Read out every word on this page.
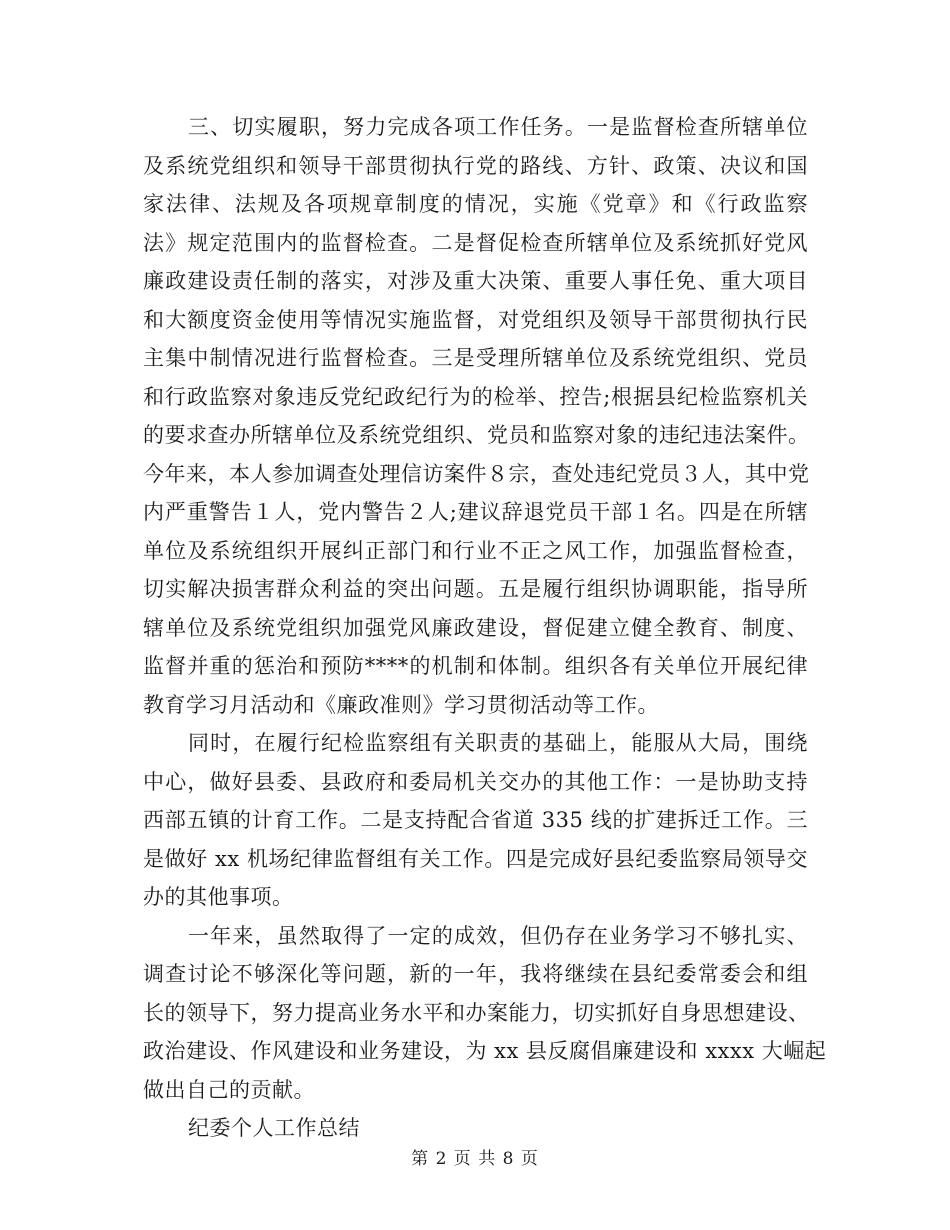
三、切实履职，努力完成各项工作任务。一是监督检查所辖单位
及系统党组织和领导干部贯彻执行党的路线、方针、政策、决议和国
家法律、法规及各项规章制度的情况，实施《党章》和《行政监察
法》规定范围内的监督检查。二是督促检查所辖单位及系统抓好党风
廉政建设责任制的落实，对涉及重大决策、重要人事任免、重大项目
和大额度资金使用等情况实施监督，对党组织及领导干部贯彻执行民
主集中制情况进行监督检查。三是受理所辖单位及系统党组织、党员
和行政监察对象违反党纪政纪行为的检举、控告;根据县纪检监察机关
的要求查办所辖单位及系统党组织、党员和监察对象的违纪违法案件。
今年来，本人参加调查处理信访案件８宗，查处违纪党员３人，其中党
内严重警告１人，党内警告２人;建议辞退党员干部１名。四是在所辖
单位及系统组织开展纠正部门和行业不正之风工作，加强监督检查，
切实解决损害群众利益的突出问题。五是履行组织协调职能，指导所
辖单位及系统党组织加强党风廉政建设，督促建立健全教育、制度、
监督并重的惩治和预防****的机制和体制。组织各有关单位开展纪律
教育学习月活动和《廉政准则》学习贯彻活动等工作。
同时，在履行纪检监察组有关职责的基础上，能服从大局，围绕
中心，做好县委、县政府和委局机关交办的其他工作：一是协助支持
西部五镇的计育工作。二是支持配合省道 335 线的扩建拆迁工作。三
是做好 xx 机场纪律监督组有关工作。四是完成好县纪委监察局领导交
办的其他事项。
一年来，虽然取得了一定的成效，但仍存在业务学习不够扎实、
调查讨论不够深化等问题，新的一年，我将继续在县纪委常委会和组
长的领导下，努力提高业务水平和办案能力，切实抓好自身思想建设、
政治建设、作风建设和业务建设，为 xx 县反腐倡廉建设和 xxxx 大崛起
做出自己的贡献。
纪委个人工作总结
第 2 页 共 8 页
